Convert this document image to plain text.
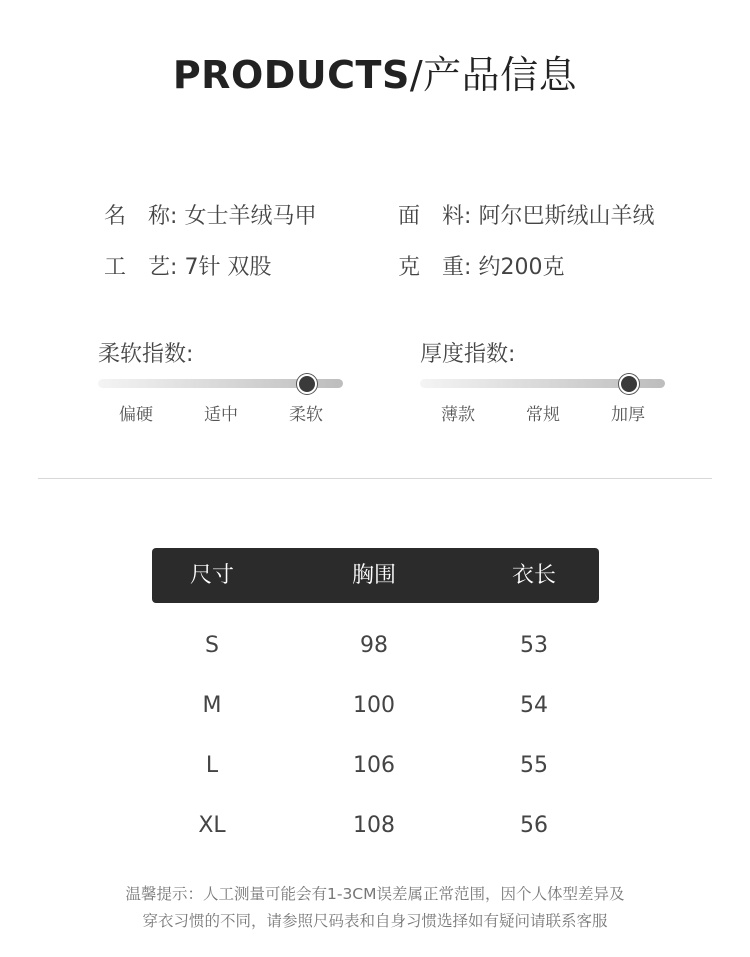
PRODUCTS/产品信息
名 称: 女士羊绒马甲	面 料: 阿尔巴斯绒山羊绒
工 艺: 7针 双股	克 重: 约200克
柔软指数:
偏硬	适中	柔软
厚度指数:
薄款	常规	加厚
尺寸	胸围	衣长
S	98	53
M	100	54
L	106	55
XL	108	56
温馨提示：人工测量可能会有1-3CM误差属正常范围，因个人体型差异及
穿衣习惯的不同，请参照尺码表和自身习惯选择如有疑问请联系客服
